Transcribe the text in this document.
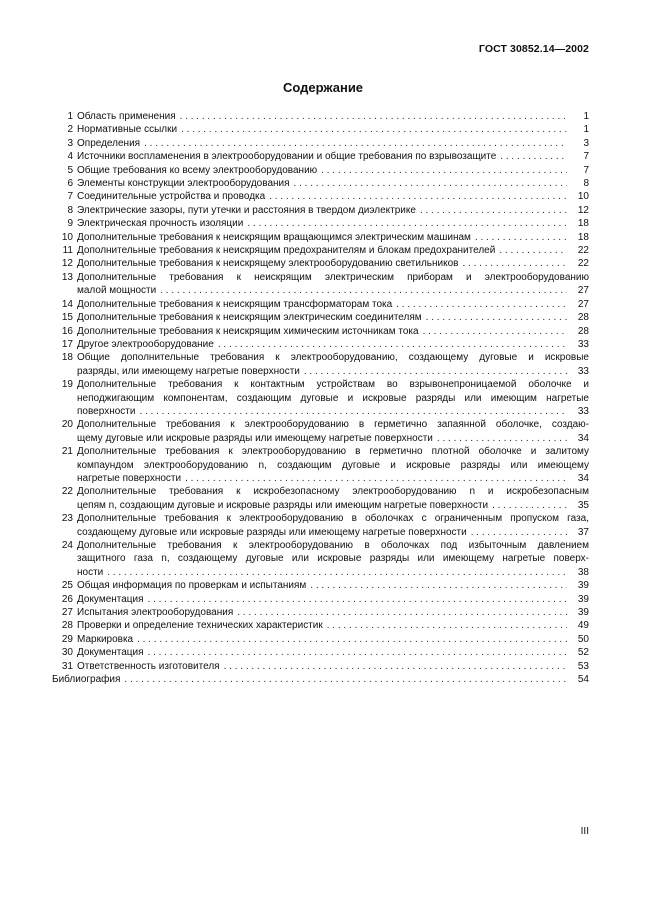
ГОСТ 30852.14—2002
Содержание
1 Область применения . . .	1
2 Нормативные ссылки . . .	1
3 Определения . . .	3
4 Источники воспламенения в электрооборудовании и общие требования по взрывозащите . . .	7
5 Общие требования ко всему электрооборудованию . . .	7
6 Элементы конструкции электрооборудования . . .	8
7 Соединительные устройства и проводка . . .	10
8 Электрические зазоры, пути утечки и расстояния в твердом диэлектрике . . .	12
9 Электрическая прочность изоляции . . .	18
10 Дополнительные требования к неискрящим вращающимся электрическим машинам . . .	18
11 Дополнительные требования к неискрящим предохранителям и блокам предохранителей . . .	22
12 Дополнительные требования к неискрящему электрооборудованию светильников . . .	22
13 Дополнительные требования к неискрящим электрическим приборам и электрооборудованию
малой мощности . . .	27
14 Дополнительные требования к неискрящим трансформаторам тока . . .	27
15 Дополнительные требования к неискрящим электрическим соединителям . . .	28
16 Дополнительные требования к неискрящим химическим источникам тока . . .	28
17 Другое электрооборудование . . .	33
18 Общие дополнительные требования к электрооборудованию, создающему дуговые и искровые
разряды, или имеющему нагретые поверхности . . .	33
19 Дополнительные требования к контактным устройствам во взрывонепроницаемой оболочке и
неподжигающим компонентам, создающим дуговые и искровые разряды или имеющим нагретые
поверхности . . .	33
20 Дополнительные требования к электрооборудованию в герметично запаянной оболочке, создаю-
щему дуговые или искровые разряды или имеющему нагретые поверхности . . .	34
21 Дополнительные требования к электрооборудованию в герметично плотной оболочке и залитому
компаундом электрооборудованию n, создающим дуговые и искровые разряды или имеющему
нагретые поверхности . . .	34
22 Дополнительные требования к искробезопасному электрооборудованию n и искробезопасным
цепям n, создающим дуговые и искровые разряды или имеющим нагретые поверхности . . .	35
23 Дополнительные требования к электрооборудованию в оболочках с ограниченным пропуском газа,
создающему дуговые или искровые разряды или имеющему нагретые поверхности . . .	37
24 Дополнительные требования к электрооборудованию в оболочках под избыточным давлением
защитного газа n, создающему дуговые или искровые разряды или имеющему нагретые поверх-
ности . . .	38
25 Общая информация по проверкам и испытаниям . . .	39
26 Документация . . .	39
27 Испытания электрооборудования . . .	39
28 Проверки и определение технических характеристик . . .	49
29 Маркировка . . .	50
30 Документация . . .	52
31 Ответственность изготовителя . . .	53
Библиография . . .	54
III
